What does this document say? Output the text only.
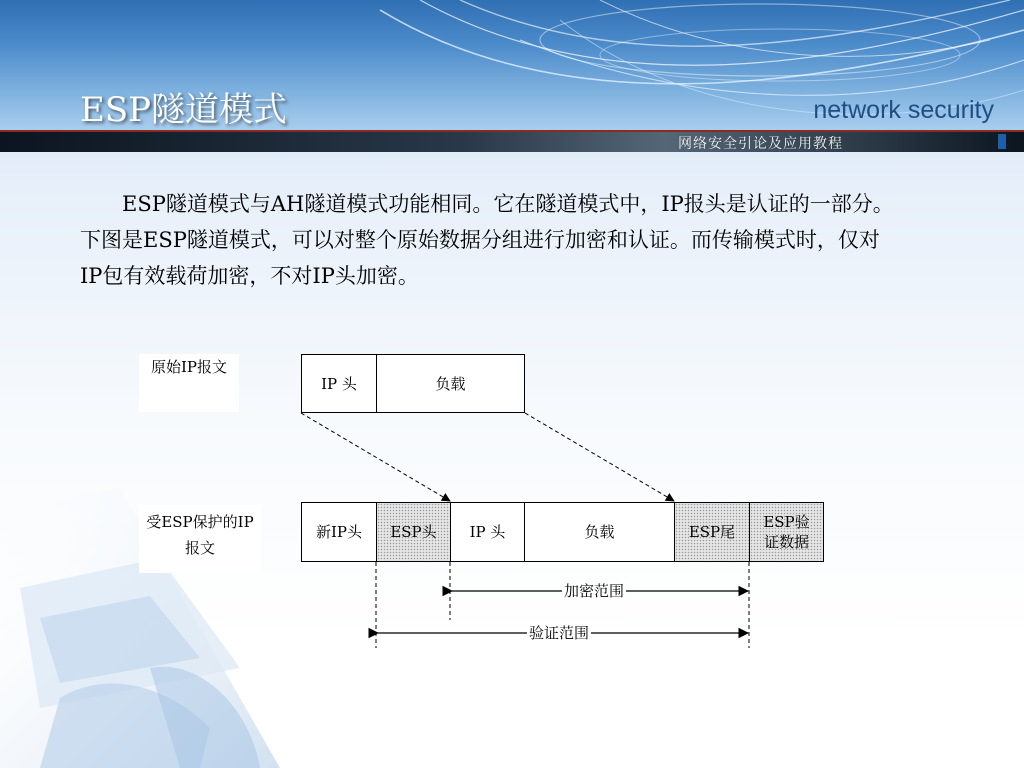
ESP隧道模式	network security
网络安全引论及应用教程
ESP隧道模式与AH隧道模式功能相同。它在隧道模式中，IP报头是认证的一部分。下图是ESP隧道模式，可以对整个原始数据分组进行加密和认证。而传输模式时，仅对IP包有效载荷加密，不对IP头加密。
原始IP报文
受ESP保护的IP报文
IP 头	负载
新IP头	ESP头	IP 头	负载	ESP尾
ESP验证数据
加密范围
验证范围
